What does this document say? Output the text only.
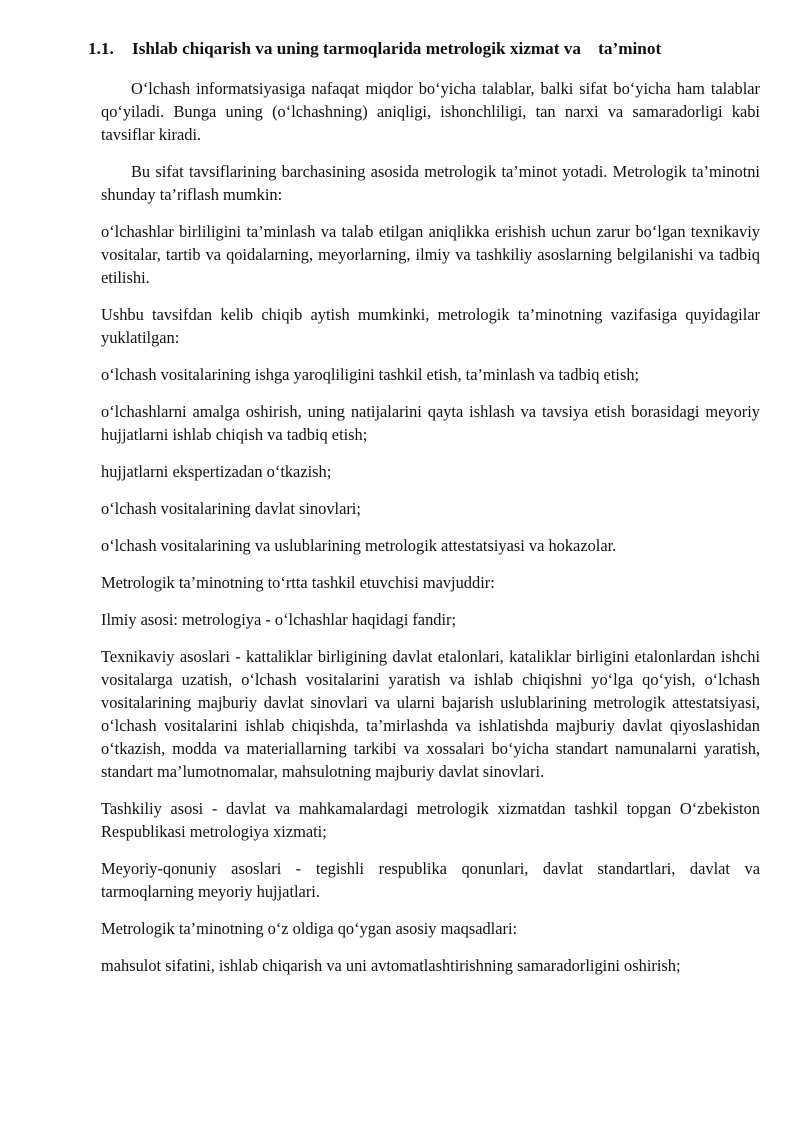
1.1.	Ishlab chiqarish va uning tarmoqlarida metrologik xizmat va    ta’minot

O‘lchash informatsiyasiga nafaqat miqdor bo‘yicha talablar, balki sifat bo‘yicha ham talablar qo‘yiladi. Bunga uning (o‘lchashning) aniqligi, ishonchliligi, tan narxi va samaradorligi kabi tavsiflar kiradi.

Bu sifat tavsiflarining barchasining asosida metrologik ta’minot yotadi. Metrologik ta’minotni shunday ta’riflash mumkin:

o‘lchashlar birliligini ta’minlash va talab etilgan aniqlikka erishish uchun zarur bo‘lgan texnikaviy vositalar, tartib va qoidalarning, meyorlarning, ilmiy va tashkiliy asoslarning belgilanishi va tadbiq etilishi.

Ushbu tavsifdan kelib chiqib aytish mumkinki, metrologik ta’minotning vazifasiga quyidagilar yuklatilgan:

o‘lchash vositalarining ishga yaroqliligini tashkil etish, ta’minlash va tadbiq etish;

o‘lchashlarni amalga oshirish, uning natijalarini qayta ishlash va tavsiya etish borasidagi meyoriy hujjatlarni ishlab chiqish va tadbiq etish;

hujjatlarni ekspertizadan o‘tkazish;

o‘lchash vositalarining davlat sinovlari;

o‘lchash vositalarining va uslublarining metrologik attestatsiyasi va hokazolar.

Metrologik ta’minotning to‘rtta tashkil etuvchisi mavjuddir:

Ilmiy asosi: metrologiya - o‘lchashlar haqidagi fandir;

Texnikaviy asoslari - kattaliklar birligining davlat etalonlari, kataliklar birligini etalonlardan ishchi vositalarga uzatish, o‘lchash vositalarini yaratish va ishlab chiqishni yo‘lga qo‘yish, o‘lchash vositalarining majburiy davlat sinovlari va ularni bajarish uslublarining metrologik attestatsiyasi, o‘lchash vositalarini ishlab chiqishda, ta’mirlashda va ishlatishda majburiy davlat qiyoslashidan o‘tkazish, modda va materiallarning tarkibi va xossalari bo‘yicha standart namunalarni yaratish, standart ma’lumotnomalar, mahsulotning majburiy davlat sinovlari.

Tashkiliy asosi - davlat va mahkamalardagi metrologik xizmatdan tashkil topgan O‘zbekiston Respublikasi metrologiya xizmati;

Meyoriy-qonuniy asoslari - tegishli respublika qonunlari, davlat standartlari, davlat va tarmoqlarning meyoriy hujjatlari.

Metrologik ta’minotning o‘z oldiga qo‘ygan asosiy maqsadlari:

mahsulot sifatini, ishlab chiqarish va uni avtomatlashtirishning samaradorligini oshirish;
